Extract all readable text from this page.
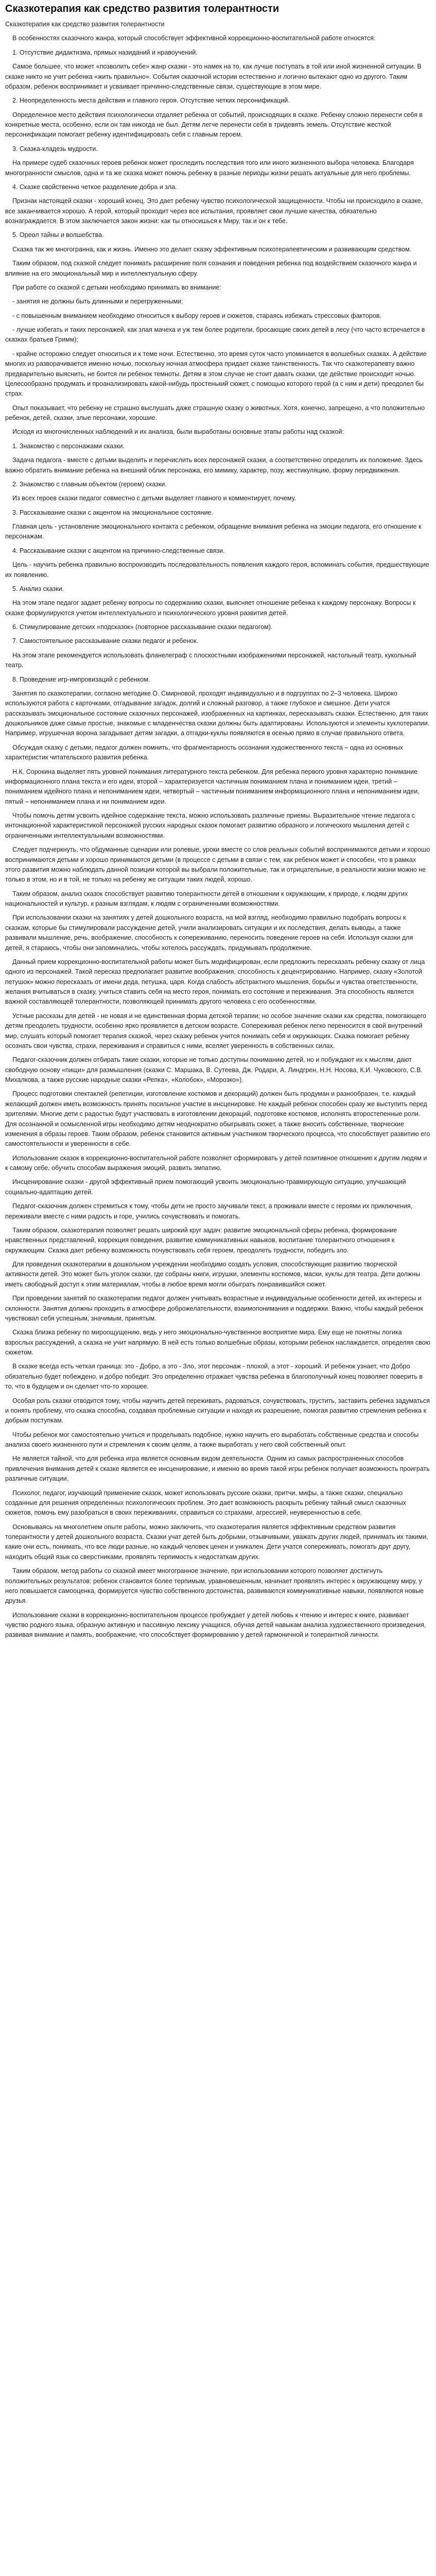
Сказкотерапия как средство развития толерантности

Сказкотерапия как средство развития толерантности

В особенностях сказочного жанра, который способствует эффективной коррекционно-воспитательной работе относятся:

1. Отсутствие дидактизма, прямых назиданий и нравоучений.

Самое большее, что может «позволить себе» жанр сказки - это намек на то, как лучше поступать в той или иной жизненной ситуации. В сказке никто не учит ребенка «жить правильно». События сказочной истории естественно и логично вытекают одно из другого. Таким образом, ребенок воспринимает и усваивает причинно-следственные связи, существующие в этом мире.

2. Неопределенность места действия и главного героя. Отсутствие четких персонификаций.

Определенное место действия психологически отдаляет ребенка от событий, происходящих в сказке. Ребенку сложно перенести себя в конкретные места, особенно, если он там никогда не был. Детям легче перенести себя в тридевять земель. Отсутствие жесткой персонификации помогает ребенку идентифицировать себя с главным героем.

3. Сказка-кладезь мудрости.

На примере судеб сказочных героев ребенок может проследить последствия того или иного жизненного выбора человека. Благодаря многогранности смыслов, одна и та же сказка может помочь ребенку в разные периоды жизни решать актуальные для него проблемы.

4. Сказке свойственно четкое разделение добра и зла.

Признак настоящей сказки - хороший конец. Это дает ребенку чувство психологической защищенности. Чтобы ни происходило в сказке, все заканчивается хорошо. А герой, который проходит через все испытания, проявляет свои лучшие качества, обязательно вознаграждается. В этом заключается закон жизни: как ты относишься к Миру, так и он к тебе.

5. Ореол тайны и волшебства.

Сказка так же многогранна, как и жизнь. Именно это делает сказку эффективным психотерапевтическим и развивающим средством.

Таким образом, под сказкой следует понимать расширение поля сознания и поведения ребенка под воздействием сказочного жанра и влияние на его эмоциональный мир и интеллектуальную сферу.

При работе со сказкой с детьми необходимо принимать во внимание:

- занятия не должны быть длинными и перегруженными;

- с повышенным вниманием необходимо относиться к выбору героев и сюжетов, стараясь избежать стрессовых факторов.

- лучше избегать и таких персонажей, как злая мачеха и уж тем более родители, бросающие своих детей в лесу (что часто встречается в сказках братьев Гримм);

- крайне осторожно следует относиться и к теме ночи. Естественно, это время суток часто упоминается в волшебных сказках. А действие многих из разворачивается именно ночью, поскольку ночная атмосфера придает сказке таинственность. Так что сказкотерапевту важно предварительно выяснить, не боится ли ребенок темноты. Детям в этом случае не стоит давать сказки, где действие происходит ночью. Целесообразно продумать и проанализировать какой-нибудь простенький сюжет, с помощью которого герой (а с ним и дети) преодолел бы страх.

Опыт показывает, что ребенку не страшно выслушать даже страшную сказку о животных. Хотя, конечно, запрещено, а что положительно ребенок, детей, сказки, злые персонажи, хорошие.

Исходя из многочисленных наблюдений и их анализа, были выработаны основные этапы работы над сказкой:

1. Знакомство с персонажами сказки.

Задача педагога - вместе с детьми выделить и перечислить всех персонажей сказки, а соответственно определить их положение. Здесь важно обратить внимание ребенка на внешний облик персонажа, его мимику, характер, позу, жестикуляцию, форму передвижения.

2. Знакомство с главным объектом (героем) сказки.

Из всех героев сказки педагог совместно с детьми выделяет главного и комментирует, почему.

3. Рассказывание сказки с акцентом на эмоциональное состояние.

Главная цель - установление эмоционального контакта с ребенком, обращение внимания ребенка на эмоции педагога, его отношение к персонажам.

4. Рассказывание сказки с акцентом на причинно-следственные связи.

Цель - научить ребенка правильно воспроизводить последовательность появления каждого героя, вспоминать события, предшествующие их появлению.

5. Анализ сказки.

На этом этапе педагог задает ребенку вопросы по содержанию сказки, выясняет отношение ребенка к каждому персонажу. Вопросы к сказке формулируются учетом интеллектуального и психологического уровня развития детей.

6. Стимулирование детских «подсказок» (повторное рассказывание сказки педагогом).

7. Самостоятельное рассказывание сказки педагог и ребенок.

На этом этапе рекомендуется использовать фланелеграф с плоскостными изображениями персонажей, настольный театр, кукольный театр.

8. Проведение игр-импровизаций с ребенком.

Занятия по сказкотерапии, согласно методике О. Смирновой, проходят индивидуально и в подгруппах по 2–3 человека. Широко используются работа с карточками, отгадывание загадок, долгий и сложный разговор, а также глубокое и смешное. Дети учатся рассказывать эмоциональное состояние сказочных персонажей, изображенных на картинках, пересказывать сказки. Естественно, для таких дошкольников даже самые простые, знакомые с младенчества сказки должны быть адаптированы. Используются и элементы куклотерапии. Например, игрушечная ворона загадывает детям загадки, а отгадки-куклы появляются в осенью прямо в случае правильного ответа.

Обсуждая сказку с детьми, педагог должен помнить, что фрагментарность осознания художественного текста – одна из основных характеристик читательского развития ребенка.

Н.К. Сорокина выделяет пять уровней понимания литературного текста ребенком. Для ребенка первого уровня характерно понимание информационного плана текста и его идеи, второй – характеризуется частичным пониманием плана и пониманием идеи, третий – пониманием идейного плана и непониманием идеи, четвертый – частичным пониманием информационного плана и непониманием идеи, пятый – непониманием плана и ни пониманием идеи.

Чтобы помочь детям усвоить идейное содержание текста, можно использовать различные приемы. Выразительное чтение педагога с интонационной характеристикой персонажей русских народных сказок помогает развитию образного и логического мышления детей с ограниченными интеллектуальными возможностями.

Следует подчеркнуть, что обдуманные сценарии или ролевые, уроки вместе со слов реальных событий воспринимаются детьми и хорошо воспринимаются детьми и хорошо принимаются детьми (в процессе с детьми в связи с тем, как ребенок может и способен, что в рамках этого развития можно наблюдать данной позиции которой вы выбрали положительные, так и отрицательные, в реальности жизни можно не только в этом, но и в той, не только на ребенку же ситуации таких людей, хорошо.

Таким образом, анализ сказок способствует развитию толерантности детей в отношении к окружающим, к природе, к людям других национальностей и культур, к разным взглядам, к людям с ограниченными возможностями.

При использовании сказки на занятиях у детей дошкольного возраста, на мой взгляд, необходимо правильно подобрать вопросы к сказкам, которые бы стимулировали рассуждение детей, учили анализировать ситуации и их последствия, делать выводы, а также развивали мышление, речь, воображение, способность к сопереживанию, переносить поведение героев на себя. Используя сказки для детей, я стараюсь, чтобы они запоминались, чтобы хотелось рассуждать, придумывать продолжение.

Данный прием коррекционно-воспитательной работы может быть модифицирован, если предложить пересказать ребенку сказку от лица одного из персонажей. Такой пересказ предполагает развитие воображения, способность к децентрированию. Например, сказку «Золотой петушок» можно пересказать от имени деда, петушка, царя. Когда слабость абстрактного мышления, борьбы и чувства ответственности, желания вчитываться в сказку, учиться ставить себя на место героя, понимать его состояние и переживания. Эта способность является важной составляющей толерантности, позволяющей принимать другого человека с его особенностями.

Устные рассказы для детей - не новая и не единственная форма детской терапии; но особое значение сказки как средства, помогающего детям преодолеть трудности, особенно ярко проявляется в детском возрасте. Сопереживая ребенок легко переносится в свой внутренний мир, слушать который помогает терапия сказкой, через сказку ребенок учится понимать себя и окружающих. Сказка помогает ребенку осознать свои чувства, страхи, переживания и справиться с ними, вселяет уверенность в собственных силах.

Педагог-сказочник должен отбирать такие сказки, которые не только доступны пониманию детей, но и побуждают их к мыслям, дают свободную основу «пищи» для размышления (сказки С. Маршака, В. Сутеева, Дж. Родари, А. Линдгрен, Н.Н. Носова, К.И. Чуковского, С.В. Михалкова, а также русские народные сказки «Репка», «Колобок», «Морозко»).

Процесс подготовки спектаклей (репетиции, изготовление костюмов и декораций) должен быть продуман и разнообразен, т.е. каждый желающий должен иметь возможность принять посильное участие в инсценировке. Не каждый ребенок способен сразу же выступить перед зрителями. Многие дети с радостью будут участвовать в изготовлении декораций, подготовке костюмов, исполнять второстепенные роли. Для осознанной и осмысленной игры необходимо детям неоднократно обыгрывать сюжет, а также вносить собственные, творческие изменения в образы героев. Таким образом, ребенок становится активным участником творческого процесса, что способствует развитию его самостоятельности и уверенности в себе.

Использование сказок в коррекционно-воспитательной работе позволяет сформировать у детей позитивное отношение к другим людям и к самому себе, обучить способам выражения эмоций, развить эмпатию.

Инсценирование сказки - другой эффективный прием помогающий усвоить эмоционально-травмирующую ситуацию, улучшающий социально-адаптацию детей.

Педагог-сказочник должен стремиться к тому, чтобы дети не просто заучивали текст, а проживали вместе с героями их приключения, переживали вместе с ними радость и горе, учились сочувствовать и помогать.

Таким образом, сказкотерапия позволяет решать широкий круг задач: развитие эмоциональной сферы ребенка, формирование нравственных представлений, коррекция поведения, развитие коммуникативных навыков, воспитание толерантного отношения к окружающим. Сказка дает ребенку возможность почувствовать себя героем, преодолеть трудности, победить зло.

Для проведения сказкотерапии в дошкольном учреждении необходимо создать условия, способствующие развитию творческой активности детей. Это может быть уголок сказки, где собраны книги, игрушки, элементы костюмов, маски, куклы для театра. Дети должны иметь свободный доступ к этим материалам, чтобы в любое время могли обыграть понравившийся сюжет.

При проведении занятий по сказкотерапии педагог должен учитывать возрастные и индивидуальные особенности детей, их интересы и склонности. Занятия должны проходить в атмосфере доброжелательности, взаимопонимания и поддержки. Важно, чтобы каждый ребенок чувствовал себя успешным, значимым, принятым.

Сказка близка ребенку по мироощущению, ведь у него эмоционально-чувственное восприятие мира. Ему еще не понятны логика взрослых рассуждений, а сказка не учит напрямую. В ней есть только волшебные образы, которыми ребенок наслаждается, определяя свою сюжетом.

В сказке всегда есть четкая граница: это - Добро, а это - Зло, этот персонаж - плохой, а этот - хороший. И ребенок узнает, что Добро обязательно будет побеждено, и добро победит. Это определенно отражает чувства ребенка в благополучный конец позволяет поверить в то, что в будущем и он сделает что-то хорошее.

Особая роль сказки отводится тому, чтобы научить детей переживать, радоваться, сочувствовать, грустить, заставить ребенка задуматься и понять проблему, что сказка способна, создавая проблемные ситуации и находя их разрешение, помогая развитию стремления ребенка к добрым поступкам.

Чтобы ребенок мог самостоятельно учиться и проделывать подобное, нужно научить его выработать собственные средства и способы анализа своего жизненного пути и стремления к своим целям, а также выработать у него свой собственный опыт.

Не является тайной, что для ребенка игра является основным видом деятельности. Одним из самых распространенных способов привлечения внимания детей к сказке является ее инсценирование, и именно во время такой игры ребенок получает возможность проиграть различные ситуации.

Психолог, педагог, изучающий применение сказок, может использовать русские сказки, притчи, мифы, а также сказки, специально созданные для решения определенных психологических проблем. Это дает возможность раскрыть ребенку тайный смысл сказочных сюжетов, помочь ему разобраться в своих переживаниях, справиться со страхами, агрессией, неуверенностью в себе.

Основываясь на многолетнем опыте работы, можно заключить, что сказкотерапия является эффективным средством развития толерантности у детей дошкольного возраста. Сказки учат детей быть добрыми, отзывчивыми, уважать других людей, принимать их такими, какие они есть, понимать, что все люди разные, но каждый человек ценен и уникален. Дети учатся сопереживать, помогать друг другу, находить общий язык со сверстниками, проявлять терпимость к недостаткам других.

Таким образом, метод работы со сказкой имеет многогранное значение, при использовании которого позволяет достигнуть положительных результатов: ребенок становится более терпимым, уравновешенным, начинает проявлять интерес к окружающему миру, у него повышается самооценка, формируется чувство собственного достоинства, развиваются коммуникативные навыки, появляются новые друзья.

Использование сказки в коррекционно-воспитательном процессе пробуждает у детей любовь к чтению и интерес к книге, развивает чувство родного языка, образную активную и пассивную лексику учащихся, обучая детей навыкам анализа художественного произведения, развивая внимание и память, воображение, что способствует формированию у детей гармоничной и толерантной личности.
